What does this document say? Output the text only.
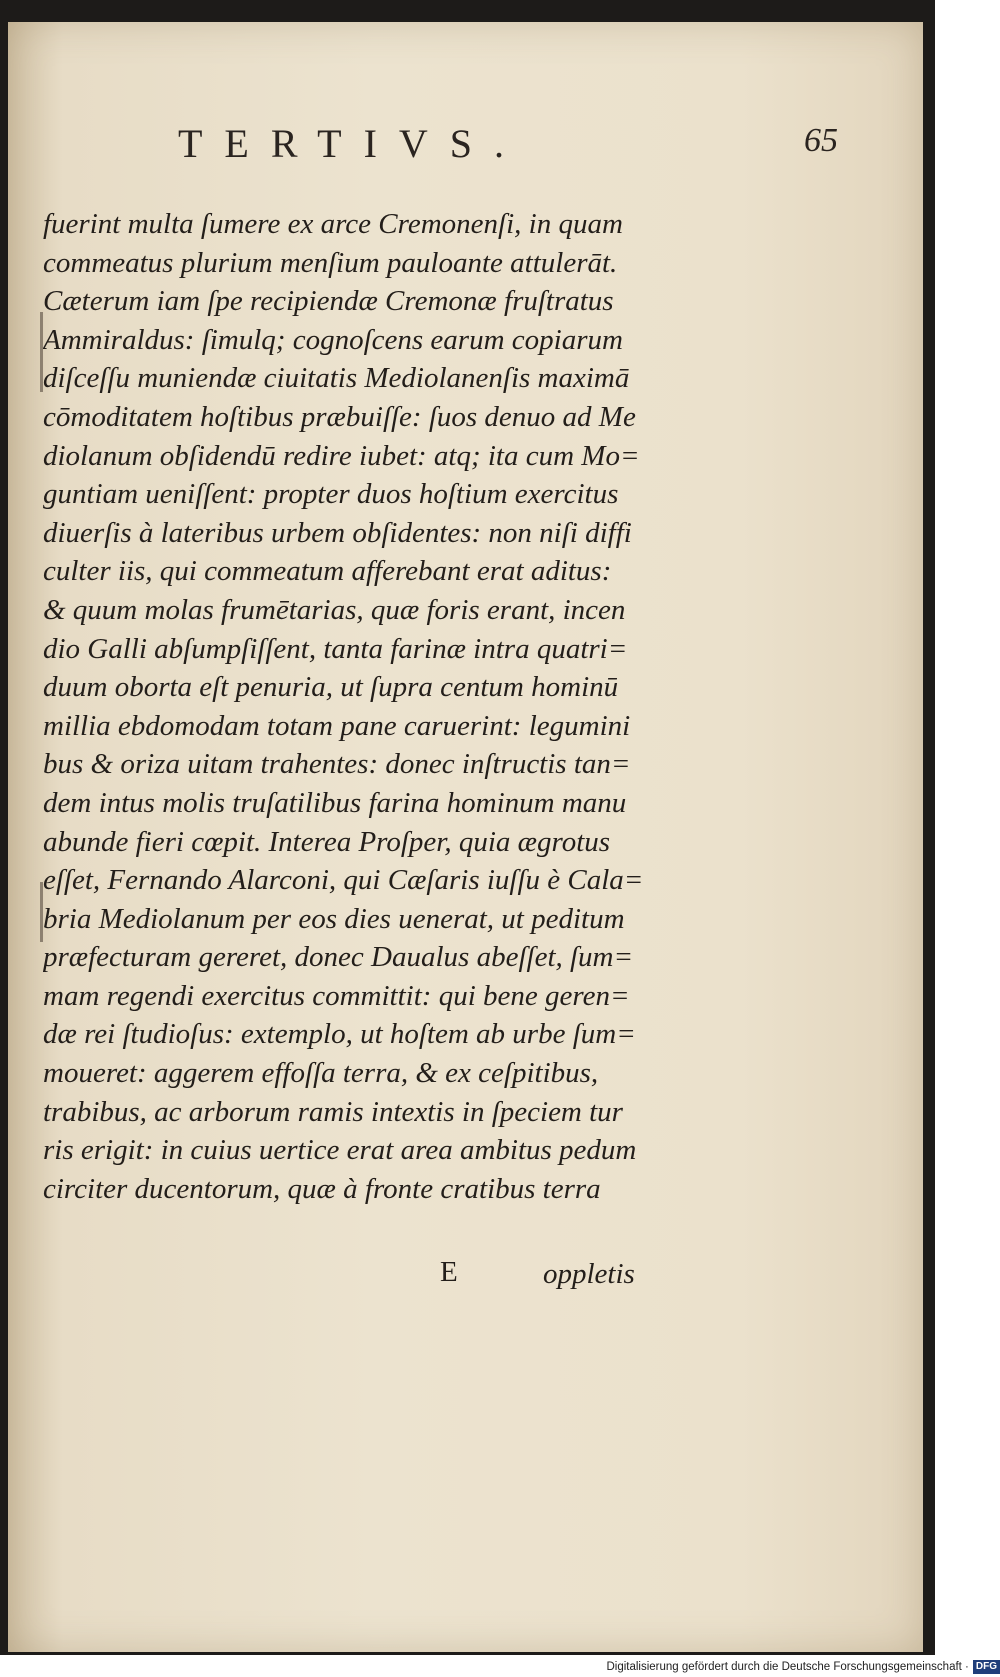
TERTIVS.	65
fuerint multa ſumere ex arce Cremonenſi, in quam
commeatus plurium menſium pauloante attulerāt.
Cæterum iam ſpe recipiendæ Cremonæ fruſtratus
Ammiraldus: ſimulq; cognoſcens earum copiarum
diſceſſu muniendæ ciuitatis Mediolanenſis maximā
cōmoditatem hoſtibus præbuiſſe: ſuos denuo ad Me
diolanum obſidendū redire iubet: atq; ita cum Mo=
guntiam ueniſſent: propter duos hoſtium exercitus
diuerſis à lateribus urbem obſidentes: non niſi diffi
culter iis, qui commeatum afferebant erat aditus:
& quum molas frumētarias, quæ foris erant, incen
dio Galli abſumpſiſſent, tanta farinæ intra quatri=
duum oborta eſt penuria, ut ſupra centum hominū
millia ebdomodam totam pane caruerint: legumini
bus & oriza uitam trahentes: donec inſtructis tan=
dem intus molis truſatilibus farina hominum manu
abunde fieri cœpit. Interea Proſper, quia ægrotus
eſſet, Fernando Alarconi, qui Cæſaris iuſſu è Cala=
bria Mediolanum per eos dies uenerat, ut peditum
præfecturam gereret, donec Daualus abeſſet, ſum=
mam regendi exercitus committit: qui bene geren=
dæ rei ſtudioſus: extemplo, ut hoſtem ab urbe ſum=
moueret: aggerem effoſſa terra, & ex ceſpitibus,
trabibus, ac arborum ramis intextis in ſpeciem tur
ris erigit: in cuius uertice erat area ambitus pedum
circiter ducentorum, quæ à fronte cratibus terra
E	oppletis
Digitalisierung gefördert durch die Deutsche Forschungsgemeinschaft · DFG
